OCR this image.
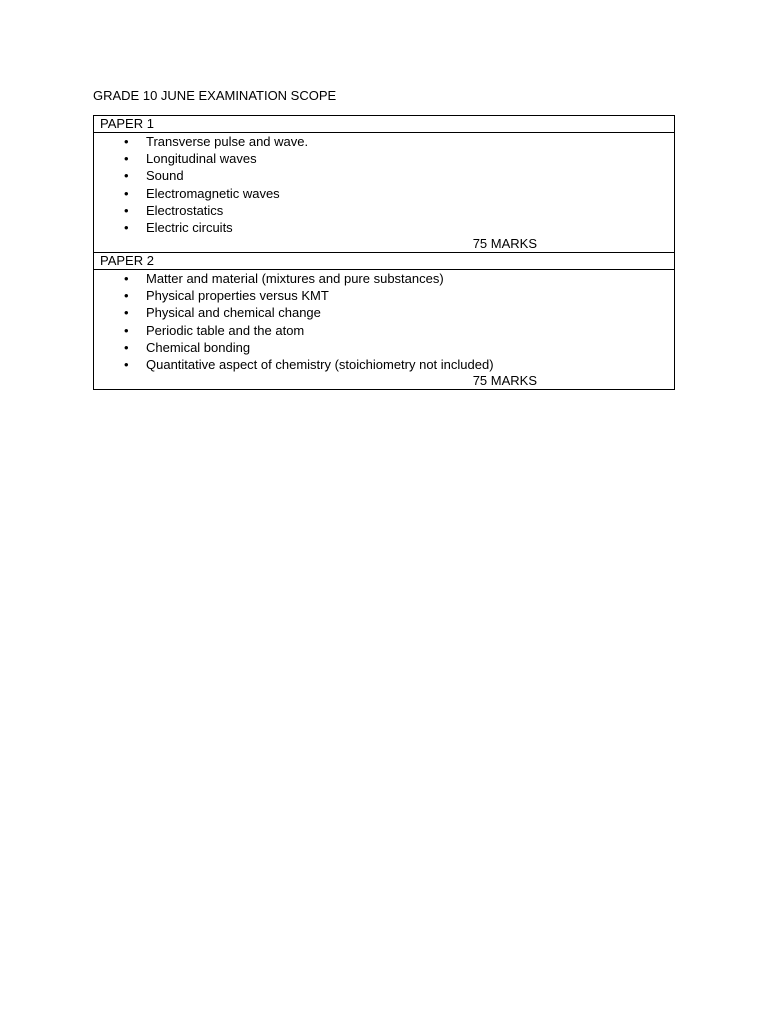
GRADE 10 JUNE EXAMINATION SCOPE
PAPER 1
• Transverse pulse and wave.
• Longitudinal waves
• Sound
• Electromagnetic waves
• Electrostatics
• Electric circuits
75 MARKS
PAPER 2
• Matter and material (mixtures and pure substances)
• Physical properties versus KMT
• Physical and chemical change
• Periodic table and the atom
• Chemical bonding
• Quantitative aspect of chemistry (stoichiometry not included)
75 MARKS
